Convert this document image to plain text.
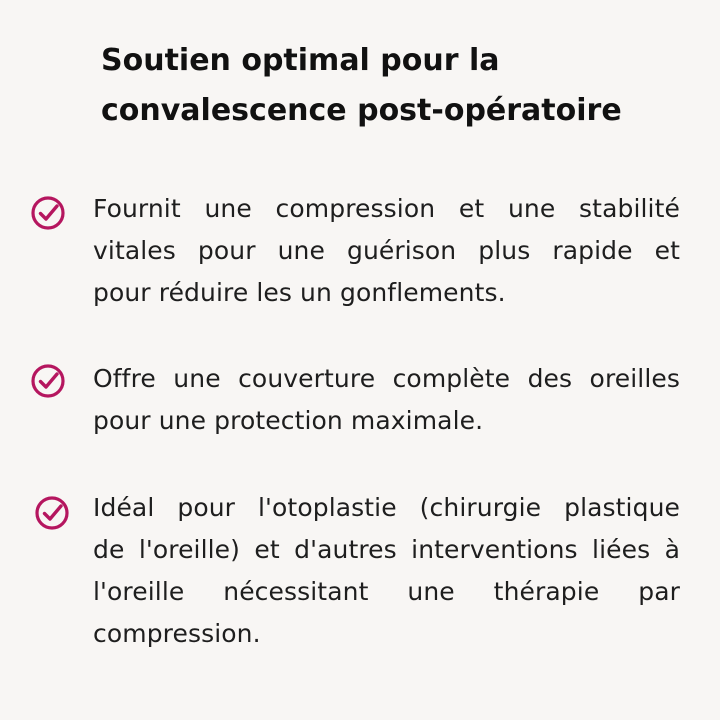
Soutien optimal pour la
convalescence post-opératoire
Fournit une compression et une stabilité
vitales pour une guérison plus rapide et
pour réduire les un gonflements.
Offre une couverture complète des oreilles
pour une protection maximale.
Idéal pour l'otoplastie (chirurgie plastique
de l'oreille) et d'autres interventions liées à
l'oreille nécessitant une thérapie par
compression.
